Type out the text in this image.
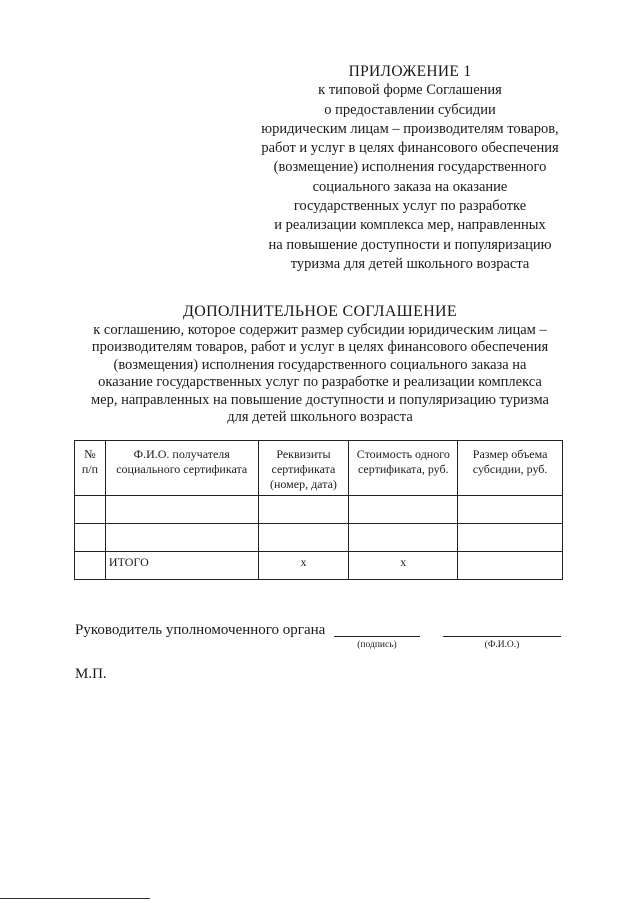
ПРИЛОЖЕНИЕ 1
к типовой форме Соглашения
о предоставлении субсидии
юридическим лицам – производителям товаров,
работ и услуг в целях финансового обеспечения
(возмещение) исполнения государственного
социального заказа на оказание
государственных услуг по разработке
и реализации комплекса мер, направленных
на повышение доступности и популяризацию
туризма для детей школьного возраста
ДОПОЛНИТЕЛЬНОЕ СОГЛАШЕНИЕ
к соглашению, которое содержит размер субсидии юридическим лицам –
производителям товаров, работ и услуг в целях финансового обеспечения
(возмещения) исполнения государственного социального заказа на
оказание государственных услуг по разработке и реализации комплекса
мер, направленных на повышение доступности и популяризацию туризма
для детей школьного возраста
№ п/п	Ф.И.О. получателя социального сертификата	Реквизиты сертификата (номер, дата)	Стоимость одного сертификата, руб.	Размер объема субсидии, руб.

	ИТОГО	х	х	
Руководитель уполномоченного органа
(подпись)	(Ф.И.О.)
М.П.
